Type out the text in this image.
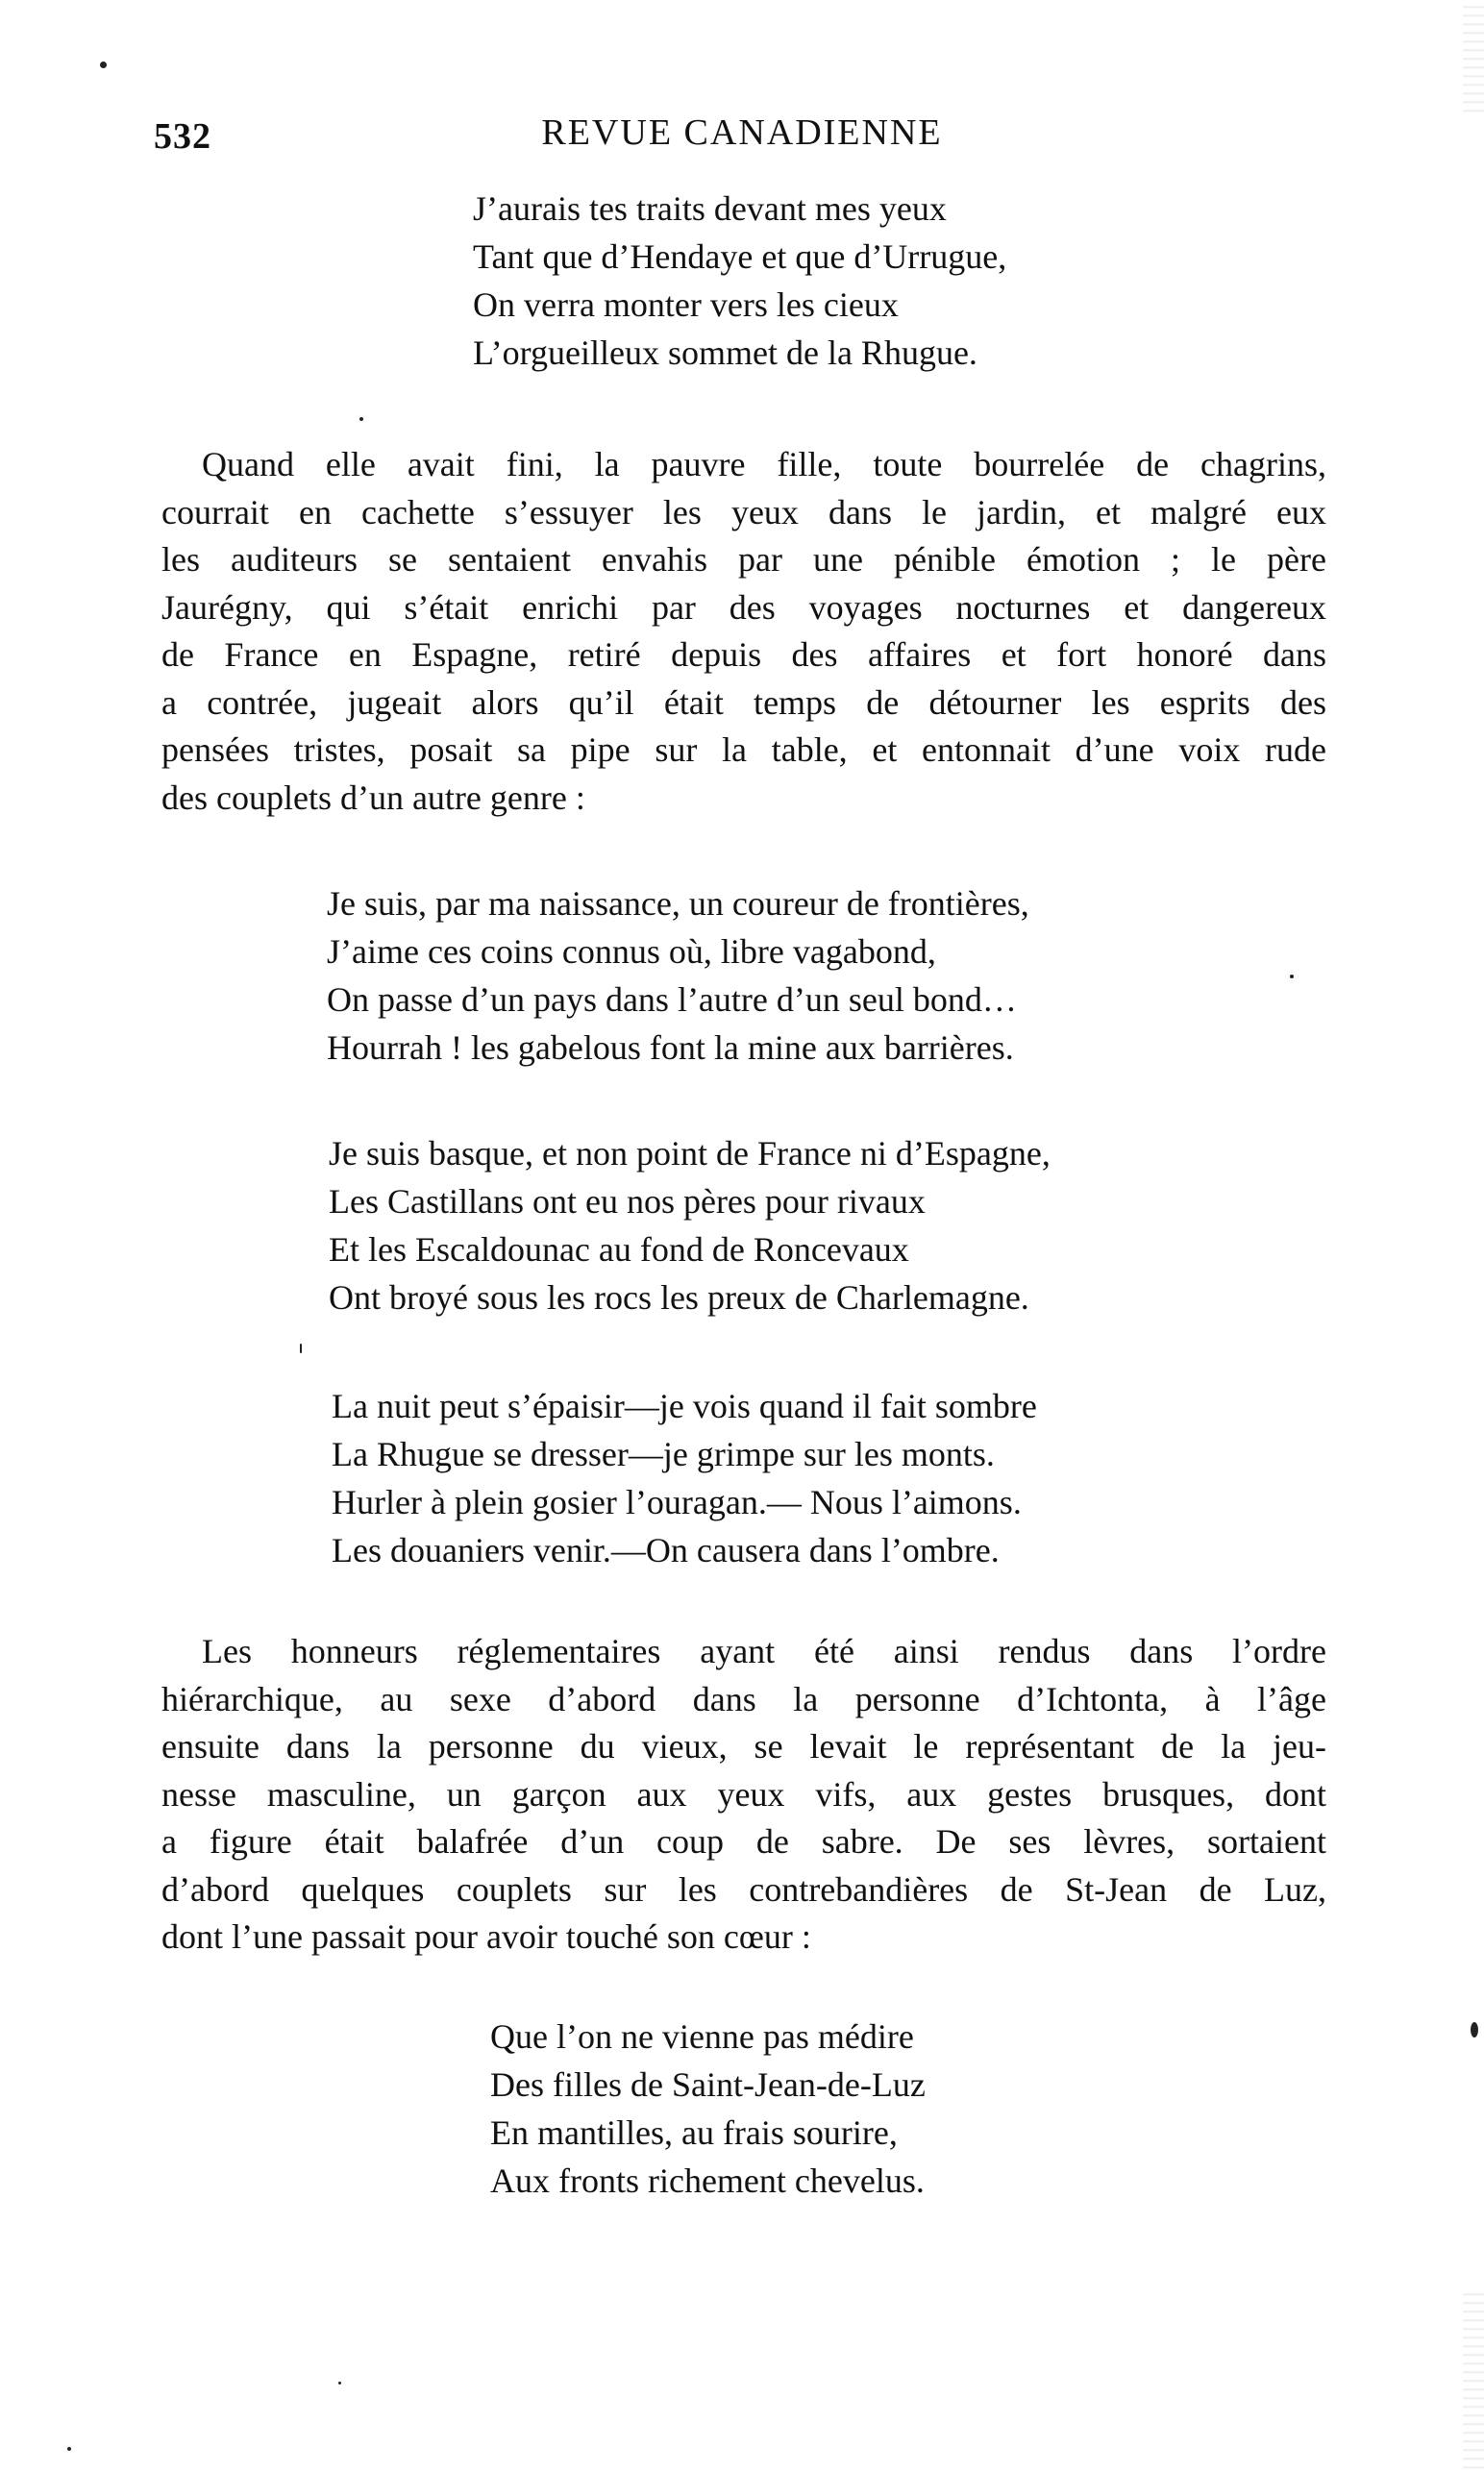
532	REVUE CANADIENNE
J’aurais tes traits devant mes yeux
Tant que d’Hendaye et que d’Urrugue,
On verra monter vers les cieux
L’orgueilleux sommet de la Rhugue.
Quand elle avait fini, la pauvre fille, toute bourrelée de chagrins,
courrait en cachette s’essuyer les yeux dans le jardin, et malgré eux
les auditeurs se sentaient envahis par une pénible émotion ; le père
Jaurégny, qui s’était enrichi par des voyages nocturnes et dangereux
de France en Espagne, retiré depuis des affaires et fort honoré dans
a contrée, jugeait alors qu’il était temps de détourner les esprits des
pensées tristes, posait sa pipe sur la table, et entonnait d’une voix rude
des couplets d’un autre genre :
Je suis, par ma naissance, un coureur de frontières,
J’aime ces coins connus où, libre vagabond,
On passe d’un pays dans l’autre d’un seul bond…
Hourrah ! les gabelous font la mine aux barrières.
Je suis basque, et non point de France ni d’Espagne,
Les Castillans ont eu nos pères pour rivaux
Et les Escaldounac au fond de Roncevaux
Ont broyé sous les rocs les preux de Charlemagne.
La nuit peut s’épaisir—je vois quand il fait sombre
La Rhugue se dresser—je grimpe sur les monts.
Hurler à plein gosier l’ouragan.— Nous l’aimons.
Les douaniers venir.—On causera dans l’ombre.
Les honneurs réglementaires ayant été ainsi rendus dans l’ordre
hiérarchique, au sexe d’abord dans la personne d’Ichtonta, à l’âge
ensuite dans la personne du vieux, se levait le représentant de la jeu-
nesse masculine, un garçon aux yeux vifs, aux gestes brusques, dont
a figure était balafrée d’un coup de sabre. De ses lèvres, sortaient
d’abord quelques couplets sur les contrebandières de St-Jean de Luz,
dont l’une passait pour avoir touché son cœur :
Que l’on ne vienne pas médire
Des filles de Saint-Jean-de-Luz
En mantilles, au frais sourire,
Aux fronts richement chevelus.
